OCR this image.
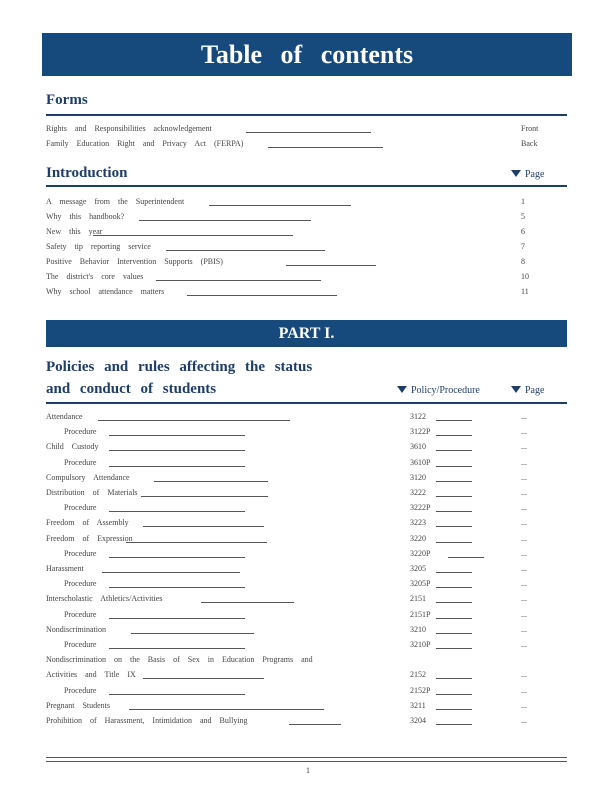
Table of contents
Forms
Rights and Responsibilities acknowledgement	Front
Family Education Right and Privacy Act (FERPA)	Back
Introduction	Page
A message from the Superintendent	1
Why this handbook?	5
New this year	6
Safety tip reporting service	7
Positive Behavior Intervention Supports (PBIS)	8
The district's core values	10
Why school attendance matters	11
PART I.
Policies and rules affecting the status
and conduct of students	Policy/Procedure	Page
Attendance	3122	...
Procedure	3122P	...
Child Custody	3610	...
Procedure	3610P	...
Compulsory Attendance	3120	...
Distribution of Materials	3222	...
Procedure	3222P	...
Freedom of Assembly	3223	...
Freedom of Expression	3220	...
Procedure	3220P	...
Harassment	3205	...
Procedure	3205P	...
Interscholastic Athletics/Activities	2151	...
Procedure	2151P	...
Nondiscrimination	3210	...
Procedure	3210P	...
Nondiscrimination on the Basis of Sex in Education Programs and
Activities and Title IX	2152	...
Procedure	2152P	...
Pregnant Students	3211	...
Prohibition of Harassment, Intimidation and Bullying	3204	...
1
